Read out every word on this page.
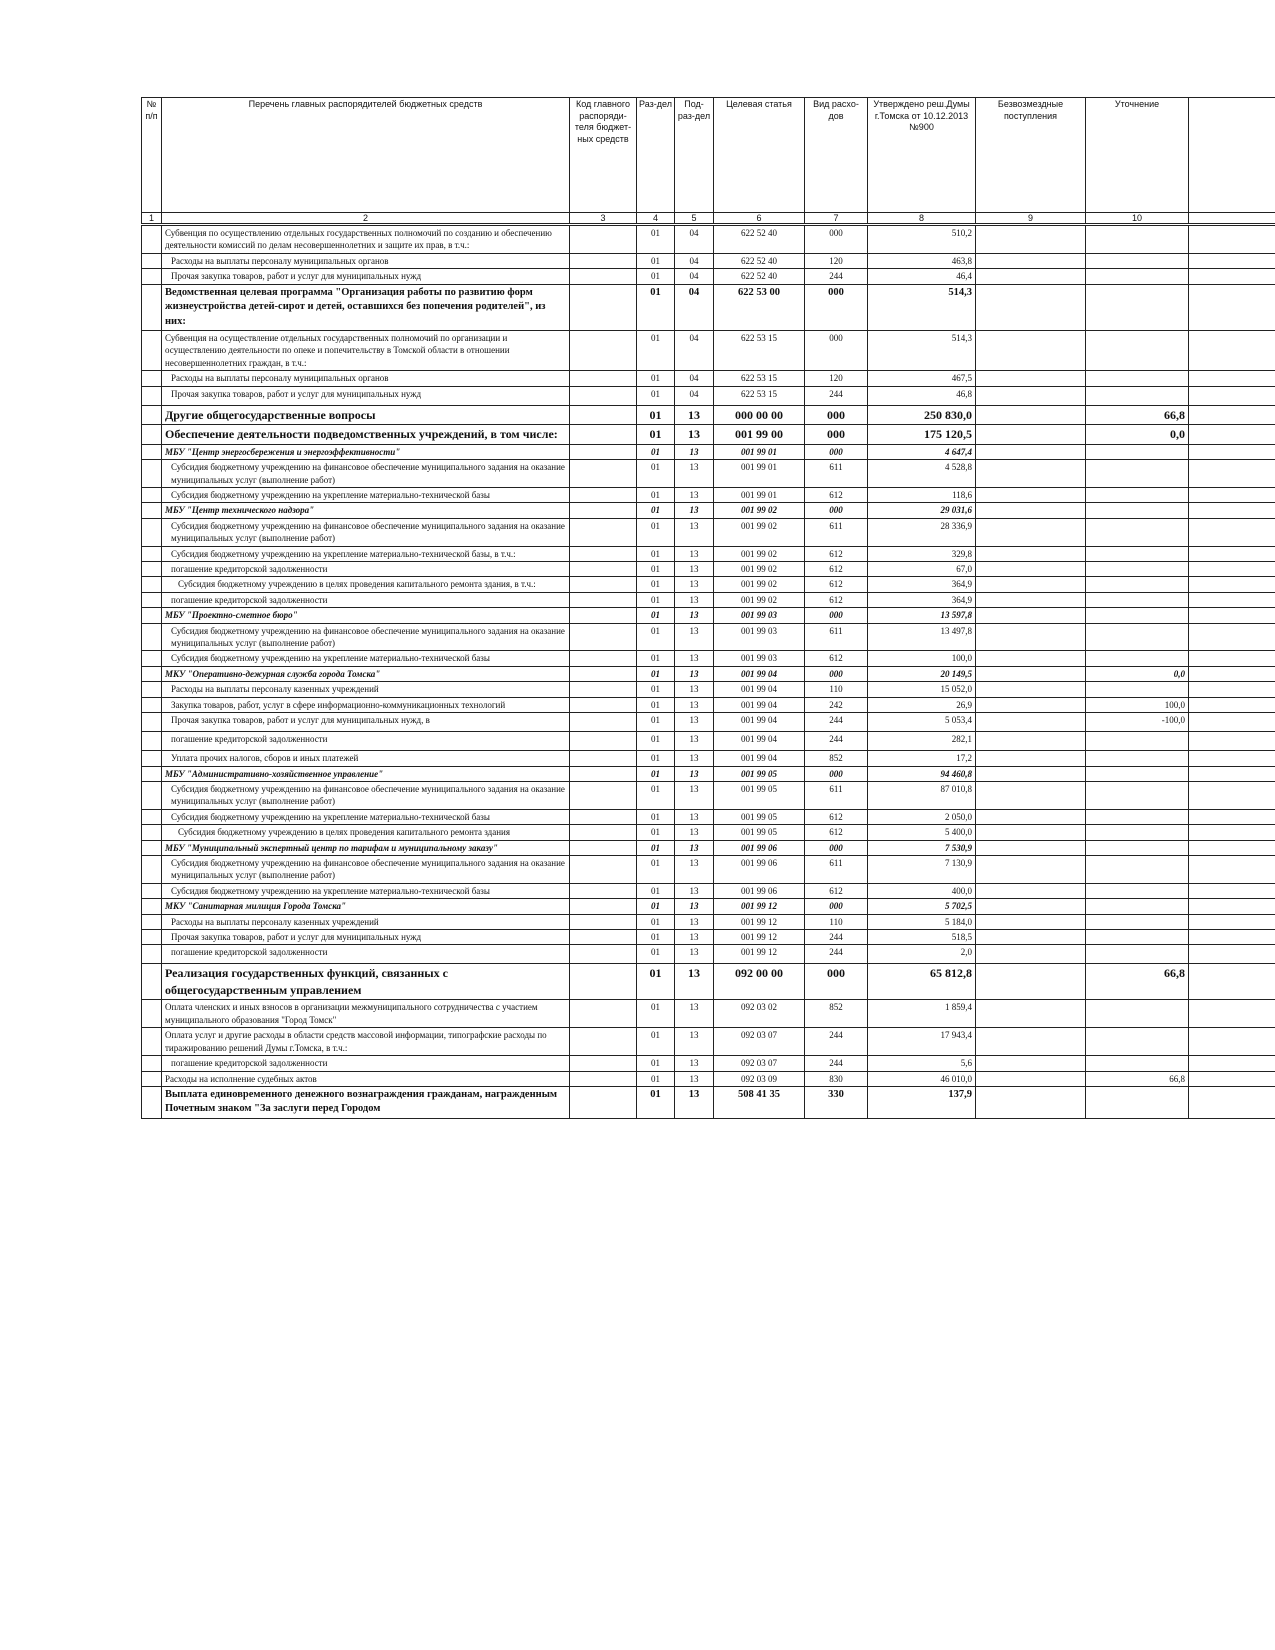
№ п/п	Перечень главных распорядителей бюджетных средств	Код главного распоряди-теля бюджет-ных средств	Раз-дел	Под-раз-дел	Целевая статья	Вид расхо-дов	Утверждено реш.Думы г.Томска от 10.12.2013 №900	Безвозмездные поступления	Уточнение	
1	2	3	4	5	6	7	8	9	10	
	Субвенция по осуществлению отдельных государственных полномочий по созданию и обеспечению деятельности комиссий по делам несовершеннолетних и защите их прав, в т.ч.:		01	04	622 52 40	000	510,2			
	Расходы на выплаты персоналу муниципальных органов		01	04	622 52 40	120	463,8			
	Прочая закупка товаров, работ и услуг для муниципальных нужд		01	04	622 52 40	244	46,4			
	Ведомственная целевая программа "Организация работы по развитию форм жизнеустройства детей-сирот и детей, оставшихся без попечения родителей", из них:		01	04	622 53 00	000	514,3			
	Субвенция на осуществление отдельных государственных полномочий по организации и осуществлению деятельности по опеке и попечительству в Томской области в отношении несовершеннолетних граждан, в т.ч.:		01	04	622 53 15	000	514,3			
	Расходы на выплаты персоналу муниципальных органов		01	04	622 53 15	120	467,5			
	Прочая закупка товаров, работ и услуг для муниципальных нужд		01	04	622 53 15	244	46,8			
	Другие общегосударственные вопросы		01	13	000 00 00	000	250 830,0		66,8	
	Обеспечение деятельности подведомственных учреждений, в том числе:		01	13	001 99 00	000	175 120,5		0,0	
	МБУ "Центр энергосбережения и энергоэффективности"		01	13	001 99 01	000	4 647,4			
	Субсидия бюджетному учреждению на финансовое обеспечение муниципального задания на оказание муниципальных услуг (выполнение работ)		01	13	001 99 01	611	4 528,8			
	Субсидия бюджетному учреждению на укрепление материально-технической базы		01	13	001 99 01	612	118,6			
	МБУ "Центр технического надзора"		01	13	001 99 02	000	29 031,6			
	Субсидия бюджетному учреждению на финансовое обеспечение муниципального задания на оказание муниципальных услуг (выполнение работ)		01	13	001 99 02	611	28 336,9			
	Субсидия бюджетному учреждению на укрепление материально-технической базы, в т.ч.:		01	13	001 99 02	612	329,8			
	погашение кредиторской задолженности		01	13	001 99 02	612	67,0			
	Субсидия бюджетному учреждению в целях проведения капитального ремонта здания, в т.ч.:		01	13	001 99 02	612	364,9			
	погашение кредиторской задолженности		01	13	001 99 02	612	364,9			
	МБУ "Проектно-сметное бюро"		01	13	001 99 03	000	13 597,8			
	Субсидия бюджетному учреждению на финансовое обеспечение муниципального задания на оказание муниципальных услуг (выполнение работ)		01	13	001 99 03	611	13 497,8			
	Субсидия бюджетному учреждению на укрепление материально-технической базы		01	13	001 99 03	612	100,0			
	МКУ "Оперативно-дежурная служба города Томска"		01	13	001 99 04	000	20 149,5		0,0	
	Расходы на выплаты персоналу казенных учреждений		01	13	001 99 04	110	15 052,0			
	Закупка товаров, работ, услуг в сфере информационно-коммуникационных технологий		01	13	001 99 04	242	26,9		100,0	
	Прочая закупка товаров, работ и услуг для муниципальных нужд, в		01	13	001 99 04	244	5 053,4		-100,0	
	погашение кредиторской задолженности		01	13	001 99 04	244	282,1			
	Уплата прочих налогов, сборов и иных платежей		01	13	001 99 04	852	17,2			
	МБУ "Административно-хозяйственное управление"		01	13	001 99 05	000	94 460,8			
	Субсидия бюджетному учреждению на финансовое обеспечение муниципального задания на оказание муниципальных услуг (выполнение работ)		01	13	001 99 05	611	87 010,8			
	Субсидия бюджетному учреждению на укрепление материально-технической базы		01	13	001 99 05	612	2 050,0			
	Субсидия бюджетному учреждению в целях проведения капитального ремонта здания		01	13	001 99 05	612	5 400,0			
	МБУ "Муниципальный экспертный центр по тарифам и муниципальному заказу"		01	13	001 99 06	000	7 530,9			
	Субсидия бюджетному учреждению на финансовое обеспечение муниципального задания на оказание муниципальных услуг (выполнение работ)		01	13	001 99 06	611	7 130,9			
	Субсидия бюджетному учреждению на укрепление материально-технической базы		01	13	001 99 06	612	400,0			
	МКУ "Санитарная милиция Города Томска"		01	13	001 99 12	000	5 702,5			
	Расходы на выплаты персоналу казенных учреждений		01	13	001 99 12	110	5 184,0			
	Прочая закупка товаров, работ и услуг для муниципальных нужд		01	13	001 99 12	244	518,5			
	погашение кредиторской задолженности		01	13	001 99 12	244	2,0			
	Реализация государственных функций, связанных с общегосударственным управлением		01	13	092 00 00	000	65 812,8		66,8	
	Оплата членских и иных взносов в организации межмуниципального сотрудничества с участием муниципального образования "Город Томск"		01	13	092 03 02	852	1 859,4			
	Оплата услуг и другие расходы в области средств массовой информации, типографские расходы по тиражированию решений Думы г.Томска, в т.ч.:		01	13	092 03 07	244	17 943,4			
	погашение кредиторской задолженности		01	13	092 03 07	244	5,6			
	Расходы на исполнение судебных актов		01	13	092 03 09	830	46 010,0		66,8	
	Выплата единовременного денежного вознаграждения гражданам, награжденным Почетным знаком "За заслуги перед Городом		01	13	508 41 35	330	137,9			
